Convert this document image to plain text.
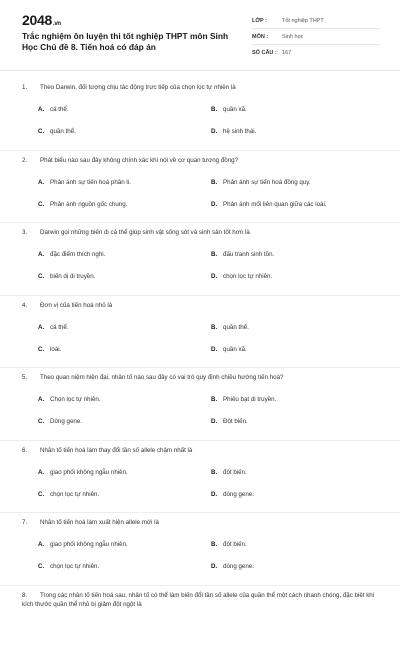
2048.vn
Trắc nghiệm ôn luyện thi tốt nghiệp THPT môn Sinh Học Chủ đề 8. Tiến hoá có đáp án
LỚP :	Tốt nghiệp THPT
MÔN :	Sinh học
SỐ CÂU : 167
1. Theo Darwin, đối tượng chịu tác động trực tiếp của chọn lọc tự nhiên là
A. cá thể.	B. quần xã.
C. quần thể.	D. hệ sinh thái.
2. Phát biểu nào sau đây không chính xác khi nói về cơ quan tương đồng?
A. Phản ánh sự tiến hoá phân li.	B. Phản ánh sự tiến hoá đồng quy.
C. Phản ánh nguồn gốc chung.	D. Phản ánh mối liên quan giữa các loài.
3. Darwin gọi những biến dị cá thể giúp sinh vật sống sót và sinh sản tốt hơn là
A. đặc điểm thích nghi.	B. đấu tranh sinh tồn.
C. biến dị di truyền.	D. chọn lọc tự nhiên.
4. Đơn vị của tiến hoá nhỏ là
A. cá thể.	B. quần thể.
C. loài.	D. quần xã.
5. Theo quan niệm hiện đại, nhân tố nào sau đây có vai trò quy định chiều hướng tiến hoá?
A. Chọn lọc tự nhiên.	B. Phiêu bạt di truyền.
C. Dòng gene.	D. Đột biến.
6. Nhân tố tiến hoá làm thay đổi tần số allele chậm nhất là
A. giao phối không ngẫu nhiên.	B. đột biến.
C. chọn lọc tự nhiên.	D. dòng gene.
7. Nhân tố tiến hoá làm xuất hiện allele mới là
A. giao phối không ngẫu nhiên.	B. đột biến.
C. chọn lọc tự nhiên.	D. dòng gene.
8. Trong các nhân tố tiến hoá sau, nhân tố có thể làm biến đổi tần số allele của quần thể một cách nhanh chóng, đặc biệt khi kích thước quần thể nhỏ bị giảm đột ngột là
